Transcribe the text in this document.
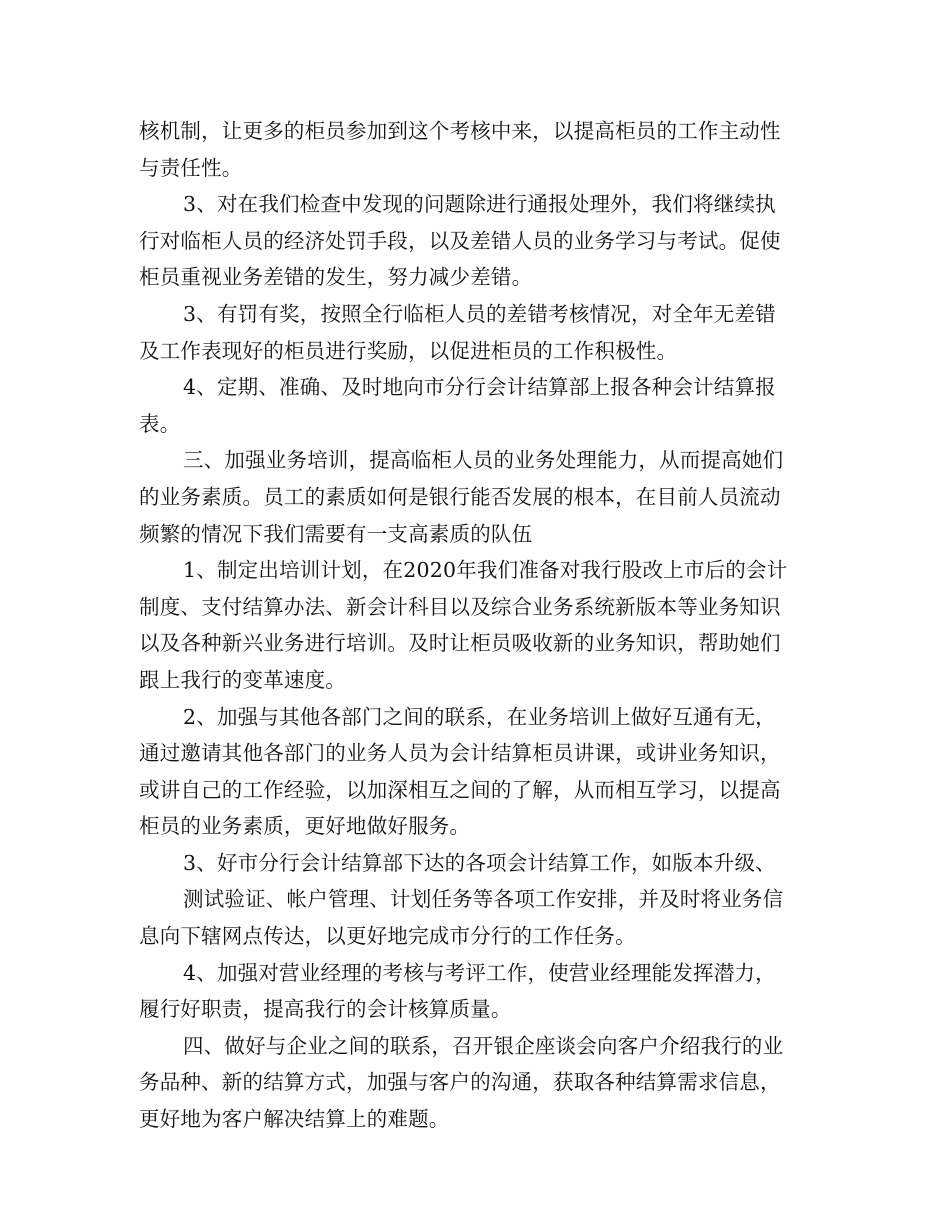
核机制，让更多的柜员参加到这个考核中来，以提高柜员的工作主动性
与责任性。
3、对在我们检查中发现的问题除进行通报处理外，我们将继续执
行对临柜人员的经济处罚手段，以及差错人员的业务学习与考试。促使
柜员重视业务差错的发生，努力减少差错。
3、有罚有奖，按照全行临柜人员的差错考核情况，对全年无差错
及工作表现好的柜员进行奖励，以促进柜员的工作积极性。
4、定期、准确、及时地向市分行会计结算部上报各种会计结算报
表。
三、加强业务培训，提高临柜人员的业务处理能力，从而提高她们
的业务素质。员工的素质如何是银行能否发展的根本，在目前人员流动
频繁的情况下我们需要有一支高素质的队伍
1、制定出培训计划，在2020年我们准备对我行股改上市后的会计
制度、支付结算办法、新会计科目以及综合业务系统新版本等业务知识
以及各种新兴业务进行培训。及时让柜员吸收新的业务知识，帮助她们
跟上我行的变革速度。
2、加强与其他各部门之间的联系，在业务培训上做好互通有无，
通过邀请其他各部门的业务人员为会计结算柜员讲课，或讲业务知识，
或讲自己的工作经验，以加深相互之间的了解，从而相互学习，以提高
柜员的业务素质，更好地做好服务。
3、好市分行会计结算部下达的各项会计结算工作，如版本升级、
测试验证、帐户管理、计划任务等各项工作安排，并及时将业务信
息向下辖网点传达，以更好地完成市分行的工作任务。
4、加强对营业经理的考核与考评工作，使营业经理能发挥潜力，
履行好职责，提高我行的会计核算质量。
四、做好与企业之间的联系，召开银企座谈会向客户介绍我行的业
务品种、新的结算方式，加强与客户的沟通，获取各种结算需求信息，
更好地为客户解决结算上的难题。
